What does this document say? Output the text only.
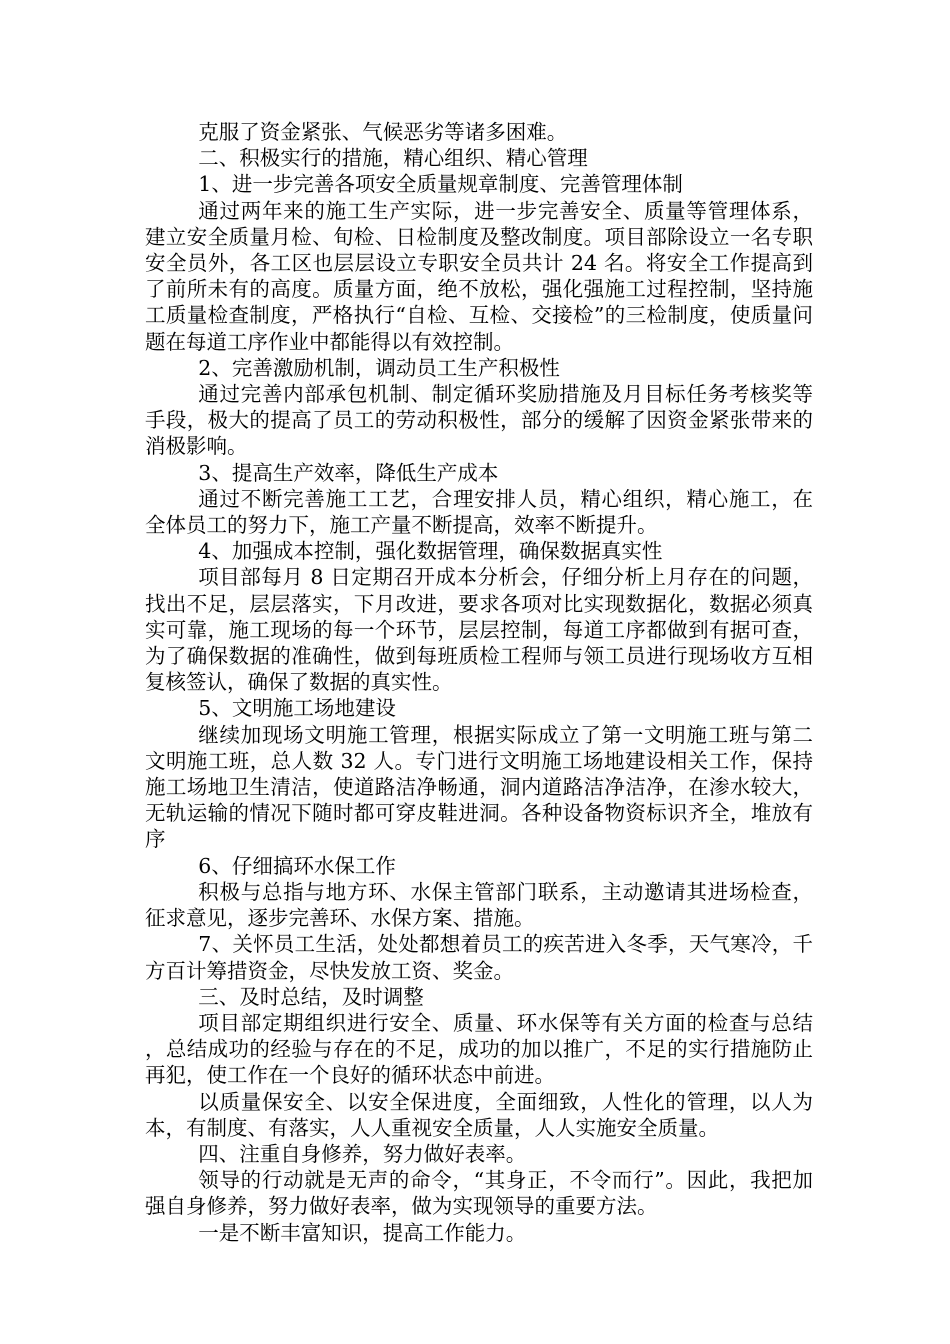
克服了资金紧张、气候恶劣等诸多困难。

二、积极实行的措施，精心组织、精心管理

1、进一步完善各项安全质量规章制度、完善管理体制

通过两年来的施工生产实际，进一步完善安全、质量等管理体系，建立安全质量月检、旬检、日检制度及整改制度。项目部除设立一名专职安全员外，各工区也层层设立专职安全员共计 24 名。将安全工作提高到了前所未有的高度。质量方面，绝不放松，强化强施工过程控制，坚持施工质量检查制度，严格执行“自检、互检、交接检”的三检制度，使质量问题在每道工序作业中都能得以有效控制。

2、完善激励机制，调动员工生产积极性

通过完善内部承包机制、制定循环奖励措施及月目标任务考核奖等手段，极大的提高了员工的劳动积极性，部分的缓解了因资金紧张带来的消极影响。

3、提高生产效率，降低生产成本

通过不断完善施工工艺，合理安排人员，精心组织，精心施工，在全体员工的努力下，施工产量不断提高，效率不断提升。

4、加强成本控制，强化数据管理，确保数据真实性

项目部每月 8 日定期召开成本分析会，仔细分析上月存在的问题，找出不足，层层落实，下月改进，要求各项对比实现数据化，数据必须真实可靠，施工现场的每一个环节，层层控制，每道工序都做到有据可查，为了确保数据的准确性，做到每班质检工程师与领工员进行现场收方互相复核签认，确保了数据的真实性。

5、文明施工场地建设

继续加现场文明施工管理，根据实际成立了第一文明施工班与第二文明施工班，总人数 32 人。专门进行文明施工场地建设相关工作，保持施工场地卫生清洁，使道路洁净畅通，洞内道路洁净洁净，在渗水较大，无轨运输的情况下随时都可穿皮鞋进洞。各种设备物资标识齐全，堆放有序

6、仔细搞环水保工作

积极与总指与地方环、水保主管部门联系，主动邀请其进场检查，征求意见，逐步完善环、水保方案、措施。

7、关怀员工生活，处处都想着员工的疾苦进入冬季，天气寒冷，千方百计筹措资金，尽快发放工资、奖金。

三、及时总结，及时调整

项目部定期组织进行安全、质量、环水保等有关方面的检查与总结，总结成功的经验与存在的不足，成功的加以推广，不足的实行措施防止再犯，使工作在一个良好的循环状态中前进。

以质量保安全、以安全保进度，全面细致，人性化的管理，以人为本，有制度、有落实，人人重视安全质量，人人实施安全质量。

四、注重自身修养，努力做好表率。

领导的行动就是无声的命令，“其身正，不令而行”。因此，我把加强自身修养，努力做好表率，做为实现领导的重要方法。

一是不断丰富知识，提高工作能力。
